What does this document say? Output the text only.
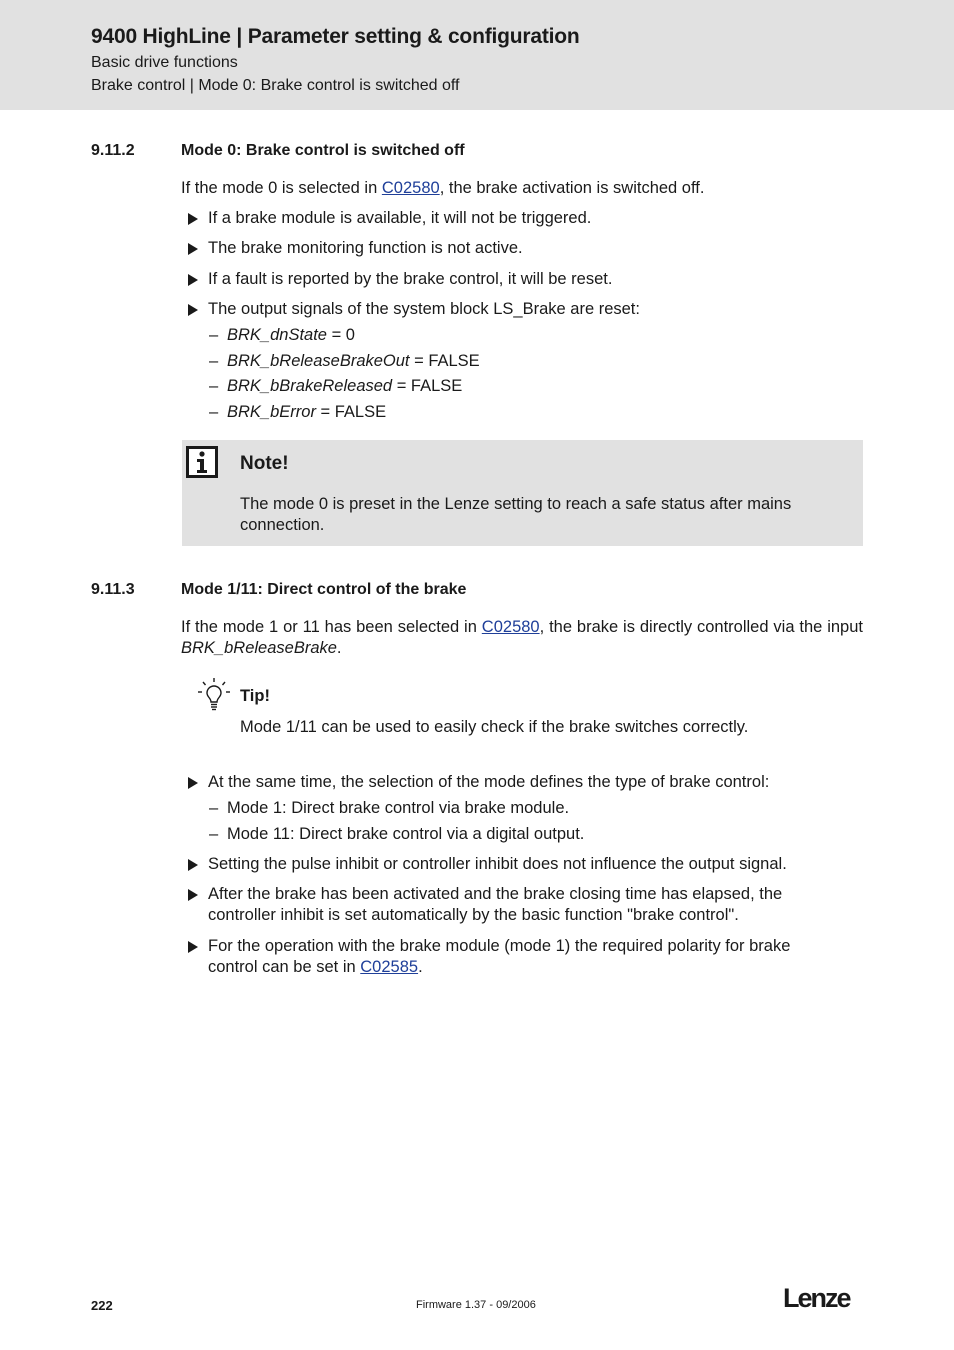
9400 HighLine | Parameter setting & configuration
Basic drive functions
Brake control | Mode 0: Brake control is switched off
9.11.2	Mode 0: Brake control is switched off
If the mode 0 is selected in C02580, the brake activation is switched off.
If a brake module is available, it will not be triggered.
The brake monitoring function is not active.
If a fault is reported by the brake control, it will be reset.
The output signals of the system block LS_Brake are reset:
– BRK_dnState = 0
– BRK_bReleaseBrakeOut = FALSE
– BRK_bBrakeReleased = FALSE
– BRK_bError = FALSE
Note!
The mode 0 is preset in the Lenze setting to reach a safe status after mains connection.
9.11.3	Mode 1/11: Direct control of the brake
If the mode 1 or 11 has been selected in C02580, the brake is directly controlled via the input BRK_bReleaseBrake.
Tip!
Mode 1/11 can be used to easily check if the brake switches correctly.
At the same time, the selection of the mode defines the type of brake control:
– Mode 1: Direct brake control via brake module.
– Mode 11: Direct brake control via a digital output.
Setting the pulse inhibit or controller inhibit does not influence the output signal.
After the brake has been activated and the brake closing time has elapsed, the controller inhibit is set automatically by the basic function "brake control".
For the operation with the brake module (mode 1) the required polarity for brake control can be set in C02585.
222	Firmware 1.37 - 09/2006	Lenze
